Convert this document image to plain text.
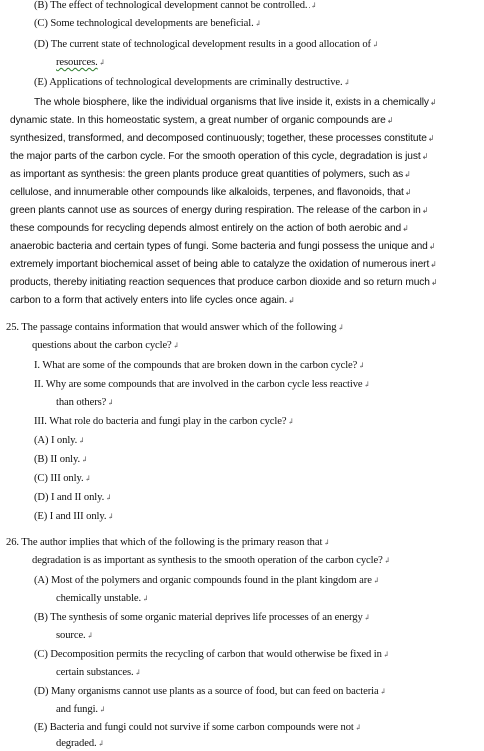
(B) The effect of technological development cannot be controlled..↲
(C) Some technological developments are beneficial.↲
(D) The current state of technological development results in a good allocation of↲
resources.↲
(E) Applications of technological developments are criminally destructive.↲
The whole biosphere, like the individual organisms that live inside it, exists in a chemically↲
dynamic state. In this homeostatic system, a great number of organic compounds are↲
synthesized, transformed, and decomposed continuously; together, these processes constitute↲
the major parts of the carbon cycle. For the smooth operation of this cycle, degradation is just↲
as important as synthesis: the green plants produce great quantities of polymers, such as↲
cellulose, and innumerable other compounds like alkaloids, terpenes, and flavonoids, that↲
green plants cannot use as sources of energy during respiration. The release of the carbon in↲
these compounds for recycling depends almost entirely on the action of both aerobic and↲
anaerobic bacteria and certain types of fungi. Some bacteria and fungi possess the unique and↲
extremely important biochemical asset of being able to catalyze the oxidation of numerous inert↲
products, thereby initiating reaction sequences that produce carbon dioxide and so return much↲
carbon to a form that actively enters into life cycles once again.↲
25. The passage contains information that would answer which of the following↲
questions about the carbon cycle?↲
I. What are some of the compounds that are broken down in the carbon cycle?↲
II. Why are some compounds that are involved in the carbon cycle less reactive↲
than others?↲
III. What role do bacteria and fungi play in the carbon cycle?↲
(A) I only.↲
(B) II only.↲
(C) III only.↲
(D) I and II only.↲
(E) I and III only.↲
26. The author implies that which of the following is the primary reason that↲
degradation is as important as synthesis to the smooth operation of the carbon cycle?↲
(A) Most of the polymers and organic compounds found in the plant kingdom are↲
chemically unstable.↲
(B) The synthesis of some organic material deprives life processes of an energy↲
source.↲
(C) Decomposition permits the recycling of carbon that would otherwise be fixed in↲
certain substances.↲
(D) Many organisms cannot use plants as a source of food, but can feed on bacteria↲
and fungi.↲
(E) Bacteria and fungi could not survive if some carbon compounds were not↲
degraded.↲
